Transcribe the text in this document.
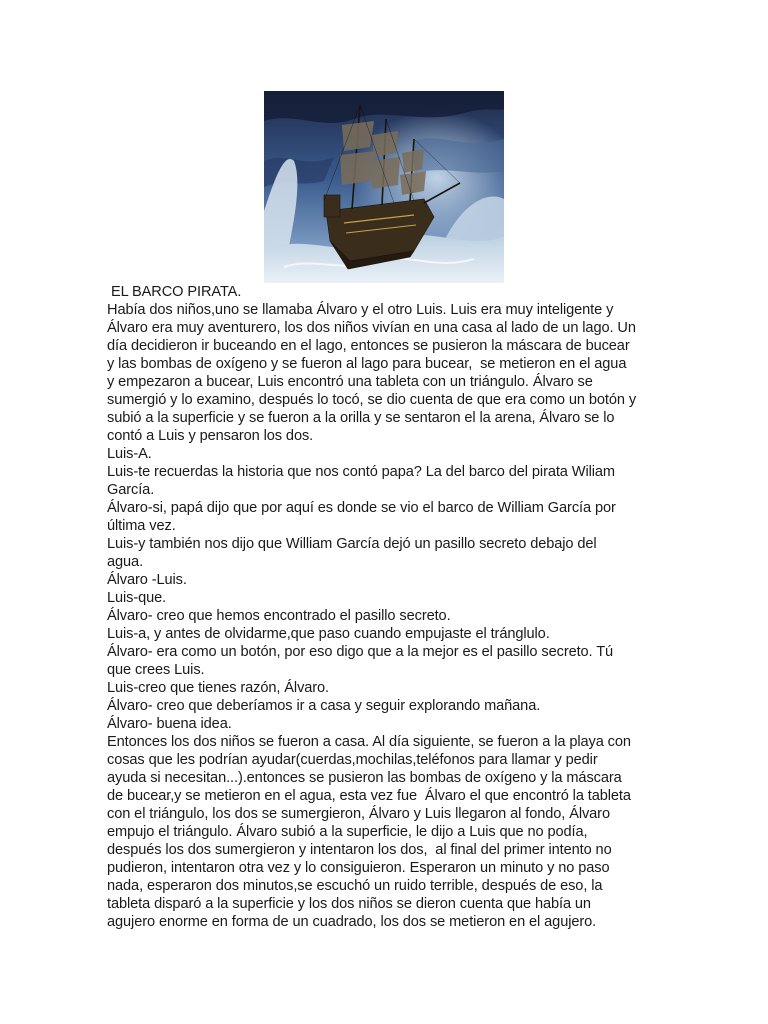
EL BARCO PIRATA.
Había dos niños,uno se llamaba Álvaro y el otro Luis. Luis era muy inteligente y
Álvaro era muy aventurero, los dos niños vivían en una casa al lado de un lago. Un
día decidieron ir buceando en el lago, entonces se pusieron la máscara de bucear
y las bombas de oxígeno y se fueron al lago para bucear,  se metieron en el agua
y empezaron a bucear, Luis encontró una tableta con un triángulo. Álvaro se
sumergió y lo examino, después lo tocó, se dio cuenta de que era como un botón y
subió a la superficie y se fueron a la orilla y se sentaron el la arena, Álvaro se lo
contó a Luis y pensaron los dos.
Luis-A.
Luis-te recuerdas la historia que nos contó papa? La del barco del pirata Wiliam
García.
Álvaro-si, papá dijo que por aquí es donde se vio el barco de William García por
última vez.
Luis-y también nos dijo que William García dejó un pasillo secreto debajo del
agua.
Álvaro -Luis.
Luis-que.
Álvaro- creo que hemos encontrado el pasillo secreto.
Luis-a, y antes de olvidarme,que paso cuando empujaste el tránglulo.
Álvaro- era como un botón, por eso digo que a la mejor es el pasillo secreto. Tú
que crees Luis.
Luis-creo que tienes razón, Álvaro.
Álvaro- creo que deberíamos ir a casa y seguir explorando mañana.
Álvaro- buena idea.
Entonces los dos niños se fueron a casa. Al día siguiente, se fueron a la playa con
cosas que les podrían ayudar(cuerdas,mochilas,teléfonos para llamar y pedir
ayuda si necesitan...).entonces se pusieron las bombas de oxígeno y la máscara
de bucear,y se metieron en el agua, esta vez fue  Álvaro el que encontró la tableta
con el triángulo, los dos se sumergieron, Álvaro y Luis llegaron al fondo, Álvaro
empujo el triángulo. Álvaro subió a la superficie, le dijo a Luis que no podía,
después los dos sumergieron y intentaron los dos,  al final del primer intento no
pudieron, intentaron otra vez y lo consiguieron. Esperaron un minuto y no paso
nada, esperaron dos minutos,se escuchó un ruido terrible, después de eso, la
tableta disparó a la superficie y los dos niños se dieron cuenta que había un
agujero enorme en forma de un cuadrado, los dos se metieron en el agujero.
